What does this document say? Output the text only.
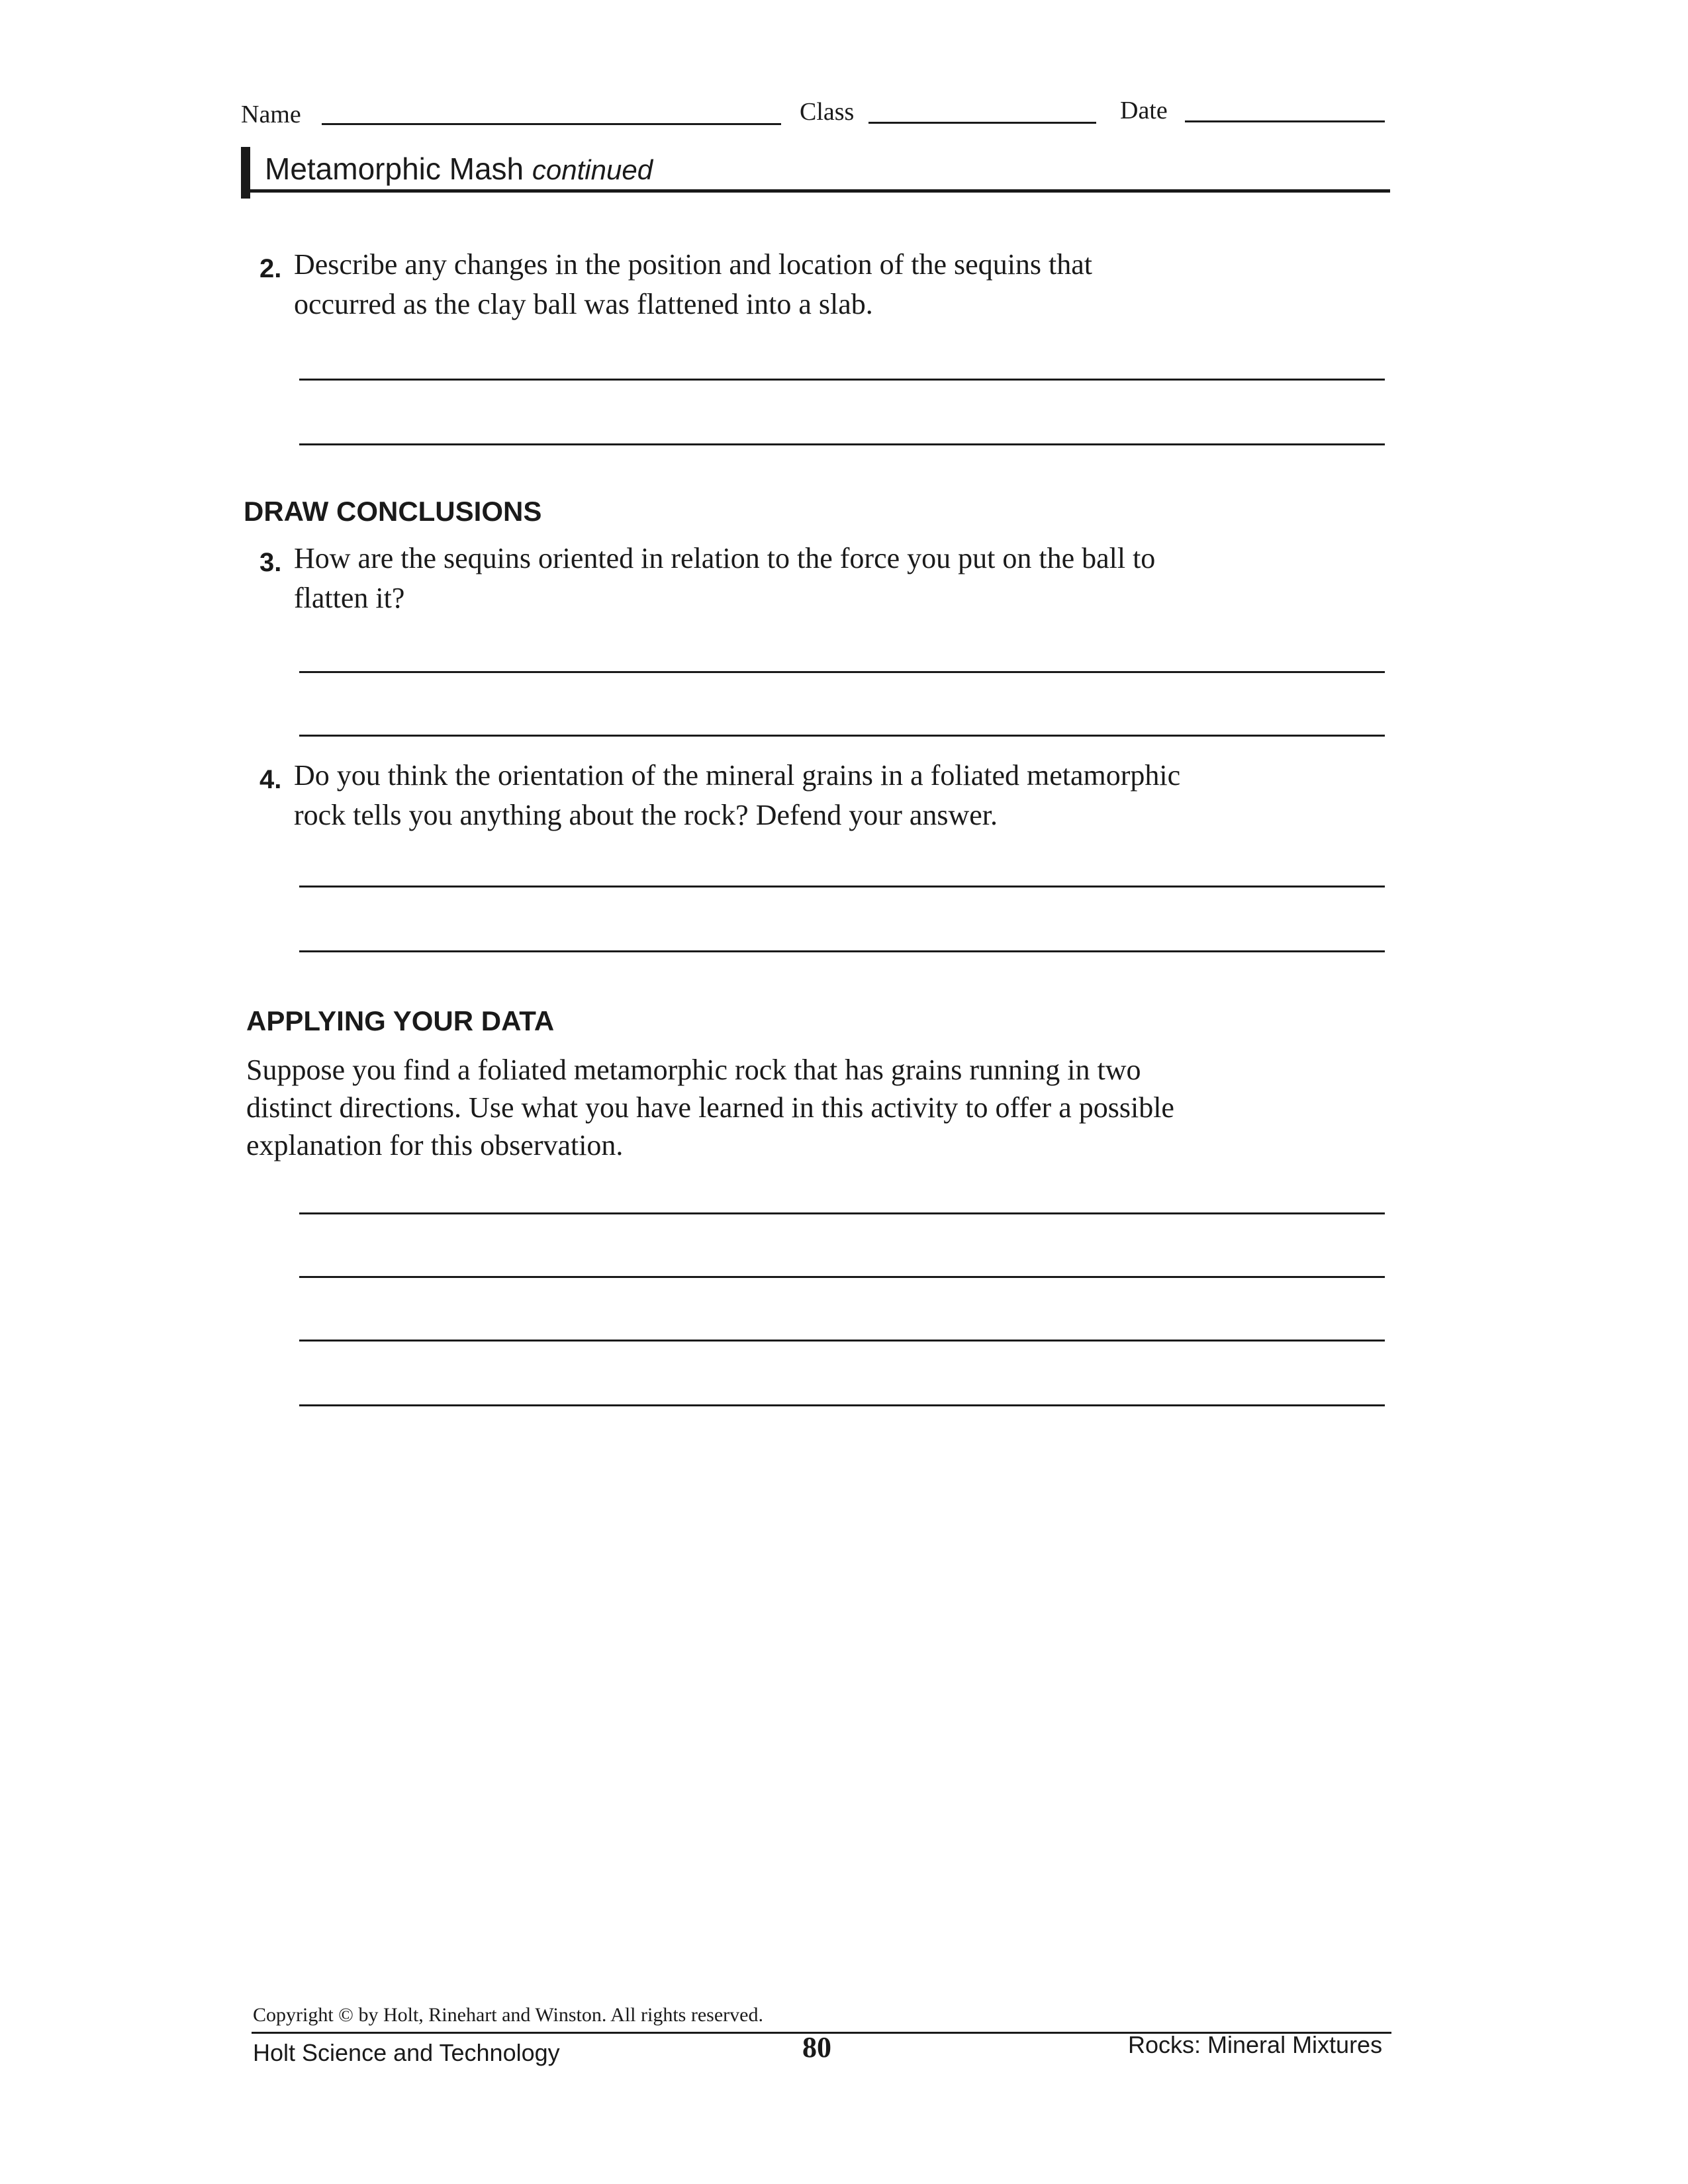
Name	Class	Date
Metamorphic Mash continued
2. Describe any changes in the position and location of the sequins that
occurred as the clay ball was flattened into a slab.
DRAW CONCLUSIONS
3. How are the sequins oriented in relation to the force you put on the ball to
flatten it?
4. Do you think the orientation of the mineral grains in a foliated metamorphic
rock tells you anything about the rock? Defend your answer.
APPLYING YOUR DATA
Suppose you find a foliated metamorphic rock that has grains running in two
distinct directions. Use what you have learned in this activity to offer a possible
explanation for this observation.
Copyright © by Holt, Rinehart and Winston. All rights reserved.
Holt Science and Technology	80	Rocks: Mineral Mixtures
